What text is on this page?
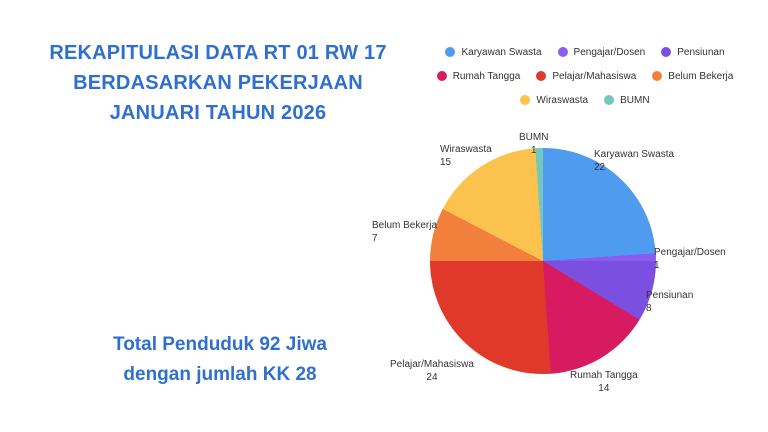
REKAPITULASI DATA RT 01 RW 17
BERDASARKAN PEKERJAAN
JANUARI TAHUN 2026
Total Penduduk 92 Jiwa
dengan jumlah KK 28
Karyawan Swasta	Pengajar/Dosen	Pensiunan
Rumah Tangga	Pelajar/Mahasiswa	Belum Bekerja
Wiraswasta	BUMN
Karyawan Swasta
22
Pengajar/Dosen
1
Pensiunan
8
Rumah Tangga
14
Pelajar/Mahasiswa
24
Belum Bekerja
7
Wiraswasta
15
BUMN
1
